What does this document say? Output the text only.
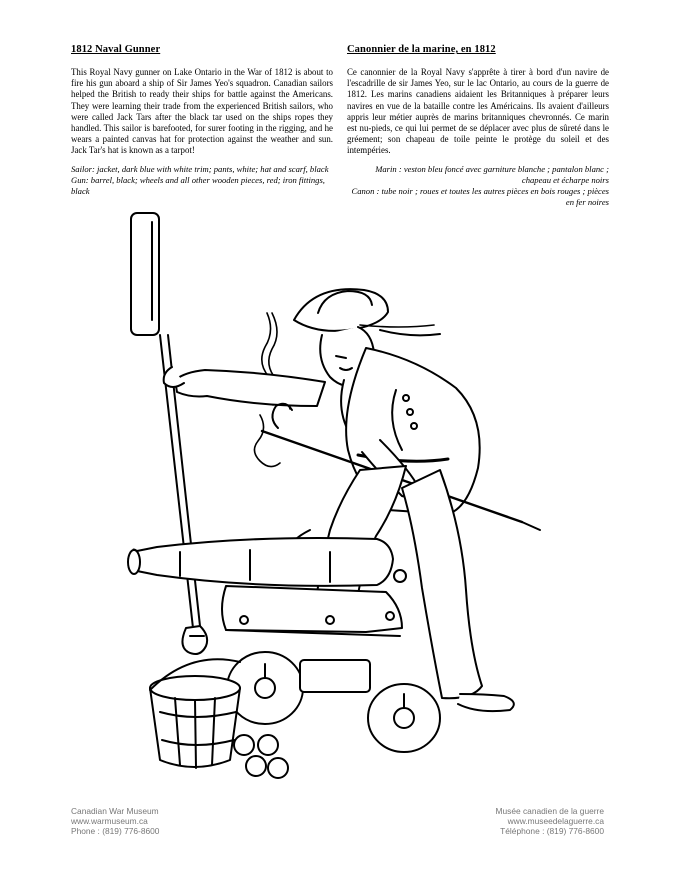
1812 Naval Gunner

This Royal Navy gunner on Lake Ontario in the War of 1812 is about to fire his gun aboard a ship of Sir James Yeo's squadron. Canadian sailors helped the British to ready their ships for battle against the Americans. They were learning their trade from the experienced British sailors, who were called Jack Tars after the black tar used on the ships ropes they handled. This sailor is barefooted, for surer footing in the rigging, and he wears a painted canvas hat for protection against the weather and sun. Jack Tar's hat is known as a tarpot!

Sailor: jacket, dark blue with white trim; pants, white; hat and scarf, black

Gun: barrel, black; wheels and all other wooden pieces, red; iron fittings, black

Canonnier de la marine, en 1812

Ce canonnier de la Royal Navy s'apprête à tirer à bord d'un navire de l'escadrille de sir James Yeo, sur le lac Ontario, au cours de la guerre de 1812. Les marins canadiens aidaient les Britanniques à préparer leurs navires en vue de la bataille contre les Américains. Ils avaient d'ailleurs appris leur métier auprès de marins britanniques chevronnés. Ce marin est nu-pieds, ce qui lui permet de se déplacer avec plus de sûreté dans le gréement; son chapeau de toile peinte le protège du soleil et des intempéries.

Marin : veston bleu foncé avec garniture blanche ; pantalon blanc ; chapeau et écharpe noirs

Canon : tube noir ; roues et toutes les autres pièces en bois rouges ; pièces en fer noires

Canadian War Museum
www.warmuseum.ca
Phone : (819) 776-8600
Musée canadien de la guerre
www.museedelaguerre.ca
Téléphone : (819) 776-8600
